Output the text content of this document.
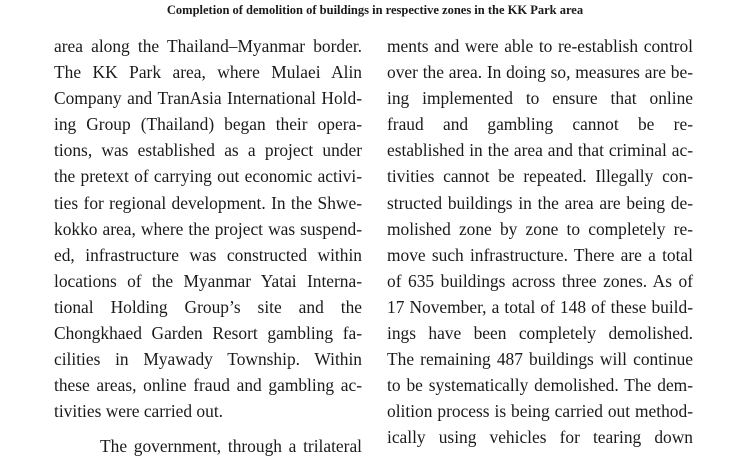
Completion of demolition of buildings in respective zones in the KK Park area
area along the Thailand–Myanmar border.
The KK Park area, where Mulaei Alin
Company and TranAsia International Hold-
ing Group (Thailand) began their opera-
tions, was established as a project under
the pretext of carrying out economic activi-
ties for regional development. In the Shwe-
kokko area, where the project was suspend-
ed, infrastructure was constructed within
locations of the Myanmar Yatai Interna-
tional Holding Group’s site and the
Chongkhaed Garden Resort gambling fa-
cilities in Myawady Township. Within
these areas, online fraud and gambling ac-
tivities were carried out.
The government, through a trilateral
ments and were able to re-establish control
over the area. In doing so, measures are be-
ing implemented to ensure that online
fraud and gambling cannot be re-
established in the area and that criminal ac-
tivities cannot be repeated. Illegally con-
structed buildings in the area are being de-
molished zone by zone to completely re-
move such infrastructure. There are a total
of 635 buildings across three zones. As of
17 November, a total of 148 of these build-
ings have been completely demolished.
The remaining 487 buildings will continue
to be systematically demolished. The dem-
olition process is being carried out method-
ically using vehicles for tearing down
